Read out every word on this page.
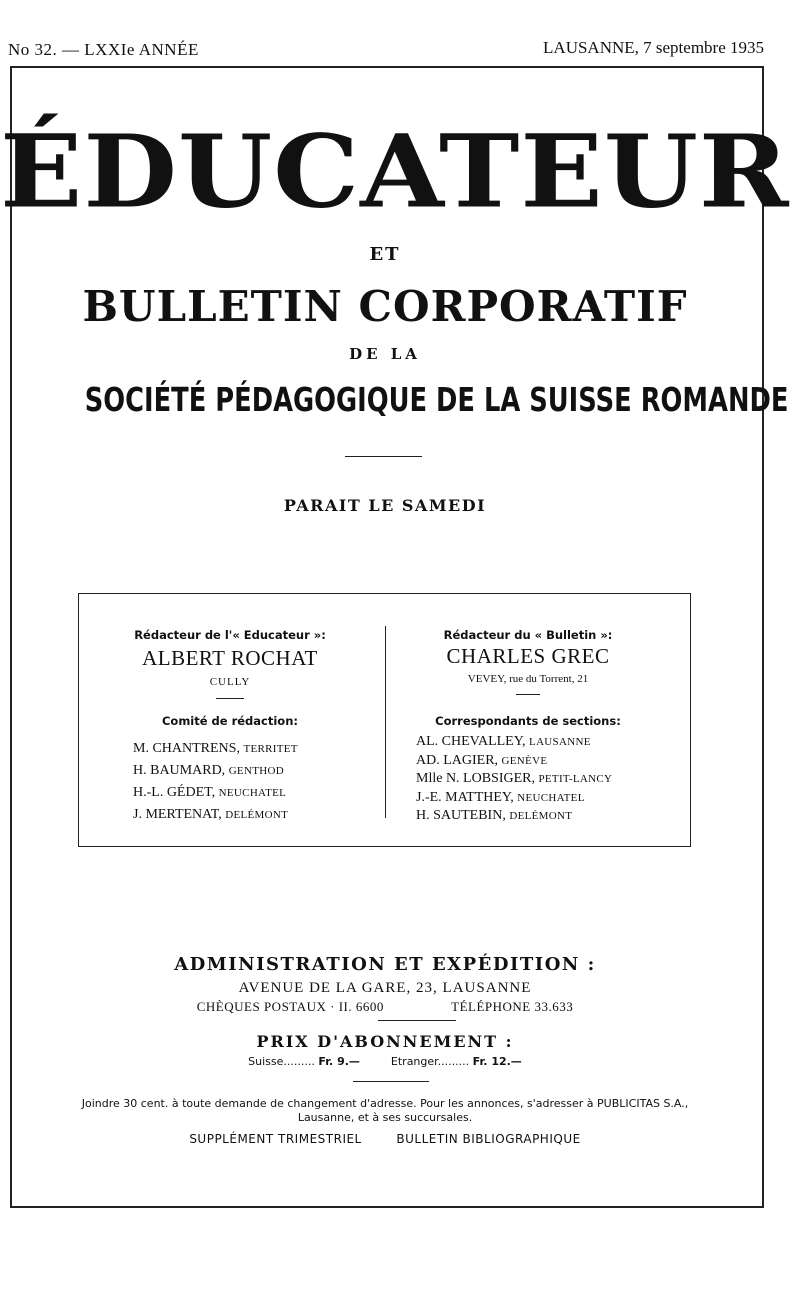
No 32. — LXXIe ANNÉE	LAUSANNE, 7 septembre 1935
ÉDUCATEUR
ET
BULLETIN CORPORATIF
DE LA
SOCIÉTÉ PÉDAGOGIQUE DE LA SUISSE ROMANDE
PARAIT LE SAMEDI
Rédacteur de l'« Educateur »:
ALBERT ROCHAT
CULLY
Comité de rédaction:
M. CHANTRENS, TERRITET
H. BAUMARD, GENTHOD
H.-L. GÉDET, NEUCHATEL
J. MERTENAT, DELÉMONT
Rédacteur du « Bulletin »:
CHARLES GREC
VEVEY, rue du Torrent, 21
Correspondants de sections:
AL. CHEVALLEY, LAUSANNE
AD. LAGIER, GENÈVE
Mlle N. LOBSIGER, PETIT-LANCY
J.-E. MATTHEY, NEUCHATEL
H. SAUTEBIN, DELÉMONT
ADMINISTRATION ET EXPÉDITION :
AVENUE DE LA GARE, 23, LAUSANNE
CHÈQUES POSTAUX · II. 6600	TÉLÉPHONE 33.633
PRIX D'ABONNEMENT :
Suisse......... Fr. 9.—	Etranger......... Fr. 12.—
Joindre 30 cent. à toute demande de changement d'adresse. Pour les annonces, s'adresser à PUBLICITAS S.A.,
Lausanne, et à ses succursales.
SUPPLÉMENT TRIMESTRIEL	BULLETIN BIBLIOGRAPHIQUE
